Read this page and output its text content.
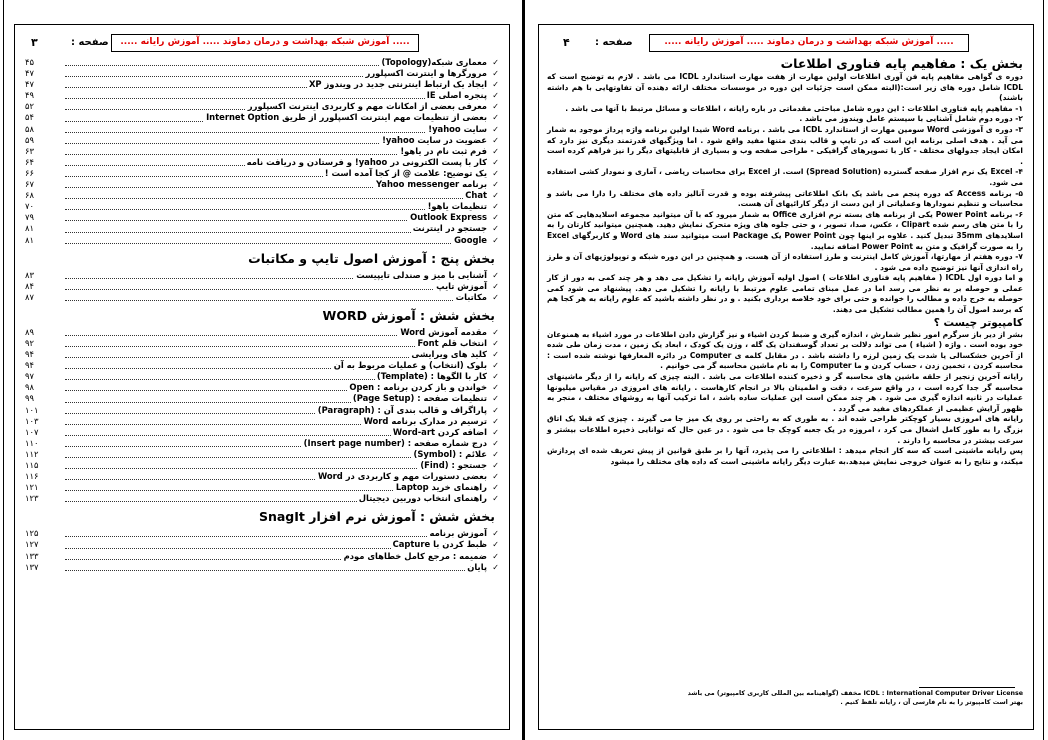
۳	صفحه :	..... آموزش شبکه بهداشت و درمان دماوند ..... آموزش رایانه .....
✓
معماری شبکه(Topology)
۴۵
✓
مرورگرها و اینترنت اکسپلورر
۴۷
✓
ایجاد یک ارتباط اینترنتی جدید در ویندوز XP
۴۷
✓
پنجره اصلی IE
۴۹
✓
معرفی بعضی از امکانات مهم و کاربردی اینترنت اکسپلورر
۵۲
✓
بعضی از تنظیمات مهم اینترنت اکسپلورر از طریق Internet Option
۵۴
✓
سایت yahoo!
۵۸
✓
عضویت در سایت yahoo!
۵۹
✓
فرم ثبت نام در یاهو!
۶۳
✓
کار با پست الکترونی در yahoo! و فرستادن و دریافت نامه
۶۴
✓
یک توضیح: علامت @ از کجا آمده است !
۶۶
✓
برنامه Yahoo messenger
۶۷
✓
Chat
۶۸
✓
تنظیمات یاهو!
۷۰
✓
Outlook Express
۷۹
✓
جستجو در اینترنت
۸۱
✓
Google
۸۱
بخش پنج : آموزش اصول تایپ و مکاتبات
✓
آشنایی با میز و صندلی تایپیست
۸۳
✓
آموزش تایپ
۸۴
✓
مکاتبات
۸۷
بخش شش : آموزش WORD
✓
مقدمه آموزش Word
۸۹
✓
انتخاب قلم Font
۹۲
✓
کلید های ویرایشی
۹۴
✓
بلوک (انتخاب) و عملیات مربوط به آن
۹۴
✓
کار با الگوها : (Template)
۹۷
✓
خواندن و باز کردن برنامه : Open
۹۸
✓
تنظیمات صفحه : (Page Setup)
۹۹
✓
پاراگراف و قالب بندی آن : (Paragraph)
۱۰۱
✓
ترسیم در مدارک برنامه Word
۱۰۳
✓
اضافه کردن Word-art
۱۰۷
✓
درج شماره صفحه : (Insert page number)
۱۱۰
✓
علائم : (Symbol)
۱۱۲
✓
جستجو : (Find)
۱۱۵
✓
بعضی دستورات مهم و کاربردی در Word
۱۱۶
✓
راهنمای خرید Laptop
۱۲۱
✓
راهنمای انتخاب دوربین دیجیتال
۱۲۳
بخش شش : آموزش نرم افزار SnagIt
✓
آموزش برنامه
۱۲۵
✓
ظبط کردن با Capture
۱۲۷
✓
ضمیمه : مرجع کامل خطاهای مودم
۱۳۳
✓
پایان
۱۳۷
۴	صفحه :	..... آموزش شبکه بهداشت و درمان دماوند ..... آموزش رایانه .....
بخش یک : مفاهیم پایه فناوری اطلاعات

دوره ی گواهی مفاهیم پایه فن آوری اطلاعات اولین مهارت از هفت مهارت استاندارد ICDL می باشد . لازم به توضیح است که ICDL شامل دوره های زیر است:(البته ممکن است جزئیات این دوره در موسسات مختلف ارائه دهنده آن تفاوتهایی با هم داشته باشند)

۱- مفاهیم پایه فناوری اطلاعات : این دوره شامل مباحثی مقدماتی در باره رایانه ، اطلاعات و مسائل مرتبط با آنها می باشد .

۲- دوره دوم شامل آشنایی با سیستم عامل ویندوز می باشد .

۳- دوره ی آموزشی Word سومین مهارت از استاندارد ICDL می باشد . برنامه Word شیدا اولین برنامه واژه پرداز موجود به شمار می آید . هدف اصلی برنامه این است که در تایپ و قالب بندی متنها مفید واقع شود . اما ویژگیهای قدرتمند دیگری نیز دارد که امکان ایجاد جدولهای مختلف - کار با تصویرهای گرافیکی - طراحی صفحه وب و بسیاری از قابلیتهای دیگر را نیز فراهم کرده است .

۴- Excel یک نرم افزار صفحه گسترده (Spread Solution) است. از Excel برای محاسبات ریاضی ، آماری و نمودار کشی استفاده می شود.

۵- برنامه Access که دوره پنجم می باشد یک بانک اطلاعاتی پیشرفته بوده و قدرت آنالیز داده های مختلف را دارا می باشد و محاسبات و تنظیم نمودارها وعملیاتی از این دست از دیگر کارائیهای آن هست.

۶- برنامه Power Point یکی از برنامه های بسته نرم افزاری Office به شمار میرود که با آن میتوانید مجموعه اسلایدهایی که متن را با متن های رسم شده Clipart ، عکس، صدا، تصویر ، و حتی جلوه های ویژه متحرک نمایش دهید. همچنین میتوانید کارتان را به اسلایدهای 35mm تبدیل کنید . علاوه بر اینها چون Power Point یک Package است میتوانید سند های Word و کاربرگهای Excel را به صورت گرافیک و متن به Power Point اضافه نمایید.

۷- دوره هفتم از مهارتها، آموزش کامل اینترنت و طرز استفاده از آن هست. و همچنین در این دوره شبکه و توپولوژیهای آن و طرز راه اندازی آنها نیز توضیح داده می شود .

و اما دوره اول ICDL ( مفاهیم پایه فناوری اطلاعات ) اصول اولیه آموزش رایانه را تشکیل می دهد و هر چند کمی به دور از کار عملی و حوصله بر به نظر می رسد اما در عمل مبنای تمامی علوم مرتبط با رایانه را تشکیل می دهد. پیشنهاد می شود کمی حوصله به خرج داده و مطالب را خوانده و حتی برای خود خلاصه برداری بکنید . و در نظر داشته باشید که علوم رایانه به هر کجا هم که برسد اصول آن را همین مطالب تشکیل می دهند.

کامپیوتر چیست ؟

بشر از دیر باز سرگرم امور نظیر شمارش ، اندازه گیری و ضبط کردن اشیاء و نیز گزارش دادن اطلاعات در مورد اشیاء به همنوعان خود بوده است . واژه ( اشیاء ) می تواند دلالت بر تعداد گوسفندان یک گله ، وزن یک کودک ، ابعاد یک زمین ، مدت زمان طی شده از آخرین خشکسالی یا شدت یک زمین لرزه را داشته باشد . در مقابل کلمه ی Computer در دائره المعارفها نوشته شده است : محاسبه کردن ، تخمین زدن ، حساب کردن و ما Computer را به نام ماشین محاسبه گر می خوانیم .

رایانه آخرین زنجیر از حلقه ماشین های محاسبه گر و ذخیره کننده اطلاعات می باشد . البته چیزی که رایانه را از دیگر ماشینهای محاسبه گر جدا کرده است ، در واقع سرعت ، دقت و اطمینان بالا در انجام کارهاست . رایانه های امروزی در مقیاس میلیونها عملیات در ثانیه اندازه گیری می شود . هر چند ممکن است این عملیات ساده باشد ، اما ترکیب آنها به روشهای مختلف ، منجر به ظهور آرایش عظیمی از عملکردهای مفید می گردد .

رایانه های امروزی بسیار کوچکتر طراحی شده اند . به طوری که به راحتی بر روی یک میز جا می گیرند . چیزی که قبلا یک اتاق بزرگ را به طور کامل اشغال می کرد ، امروزه در یک جعبه کوچک جا می شود . در عین حال که توانایی ذخیره اطلاعات بیشتر و سرعت بیشتر در محاسبه را دارند .

پس رایانه ماشینی است که سه کار انجام میدهد : اطلاعاتی را می پذیرد، آنها را بر طبق قوانین از پیش تعریف شده ای پردازش میکند، و نتایج را به عنوان خروجی نمایش میدهد.به عبارت دیگر رایانه ماشینی است که داده های مختلف را میشود

ICDL : International Computer Driver License مخفف (گواهینامه بین المللی کاربری کامپیوتر) می باشد
بهتر است کامپیوتر را به نام فارسی آن ، رایانه تلفظ کنیم .
